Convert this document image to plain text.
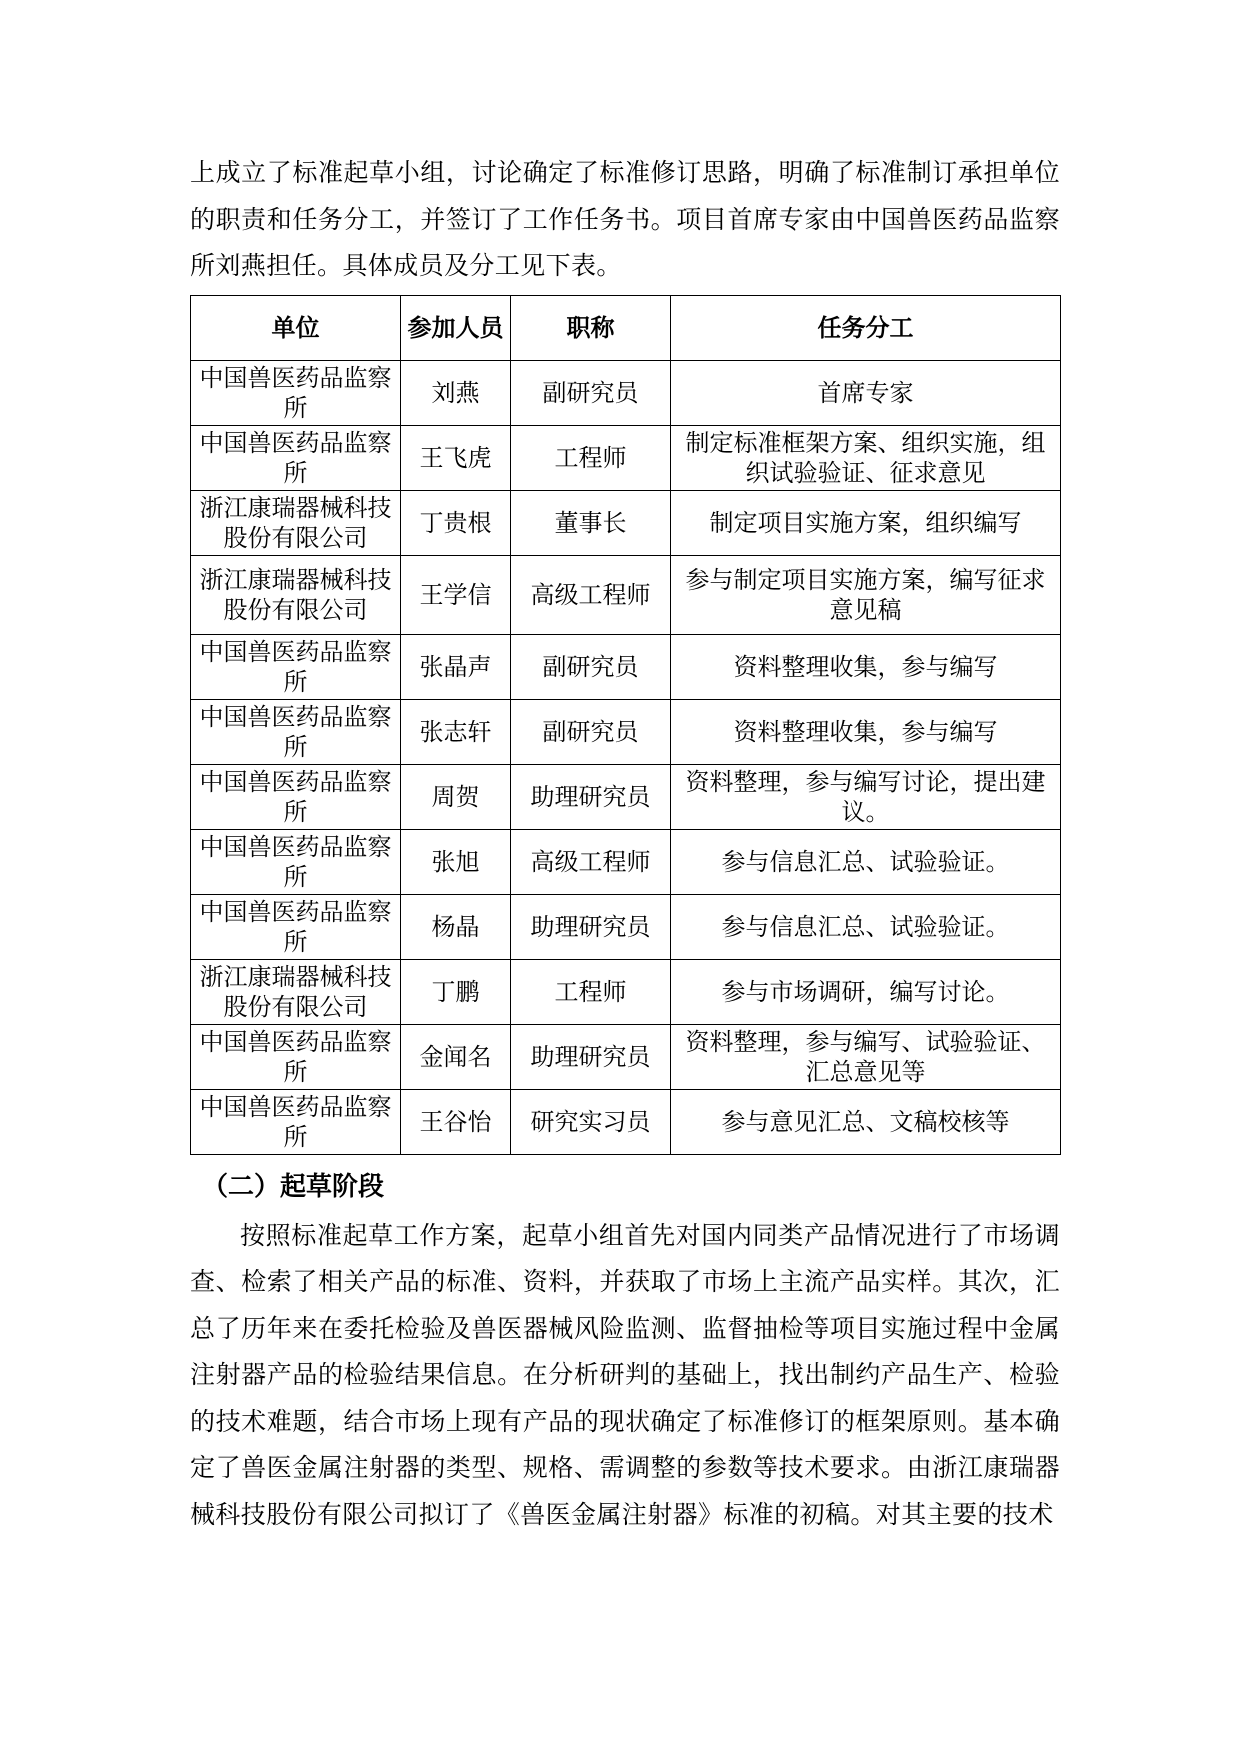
上成立了标准起草小组，讨论确定了标准修订思路，明确了标准制订承担单位的职责和任务分工，并签订了工作任务书。项目首席专家由中国兽医药品监察所刘燕担任。具体成员及分工见下表。

单位	参加人员	职称	任务分工
中国兽医药品监察所	刘燕	副研究员	首席专家
中国兽医药品监察所	王飞虎	工程师	制定标准框架方案、组织实施，组织试验验证、征求意见
浙江康瑞器械科技股份有限公司	丁贵根	董事长	制定项目实施方案，组织编写
浙江康瑞器械科技股份有限公司	王学信	高级工程师	参与制定项目实施方案，编写征求意见稿
中国兽医药品监察所	张晶声	副研究员	资料整理收集，参与编写
中国兽医药品监察所	张志轩	副研究员	资料整理收集，参与编写
中国兽医药品监察所	周贺	助理研究员	资料整理，参与编写讨论，提出建议。
中国兽医药品监察所	张旭	高级工程师	参与信息汇总、试验验证。
中国兽医药品监察所	杨晶	助理研究员	参与信息汇总、试验验证。
浙江康瑞器械科技股份有限公司	丁鹏	工程师	参与市场调研，编写讨论。
中国兽医药品监察所	金闻名	助理研究员	资料整理，参与编写、试验验证、汇总意见等
中国兽医药品监察所	王谷怡	研究实习员	参与意见汇总、文稿校核等
（二）起草阶段

按照标准起草工作方案，起草小组首先对国内同类产品情况进行了市场调查、检索了相关产品的标准、资料，并获取了市场上主流产品实样。其次，汇总了历年来在委托检验及兽医器械风险监测、监督抽检等项目实施过程中金属注射器产品的检验结果信息。在分析研判的基础上，找出制约产品生产、检验的技术难题，结合市场上现有产品的现状确定了标准修订的框架原则。基本确定了兽医金属注射器的类型、规格、需调整的参数等技术要求。由浙江康瑞器械科技股份有限公司拟订了《兽医金属注射器》标准的初稿。对其主要的技术
